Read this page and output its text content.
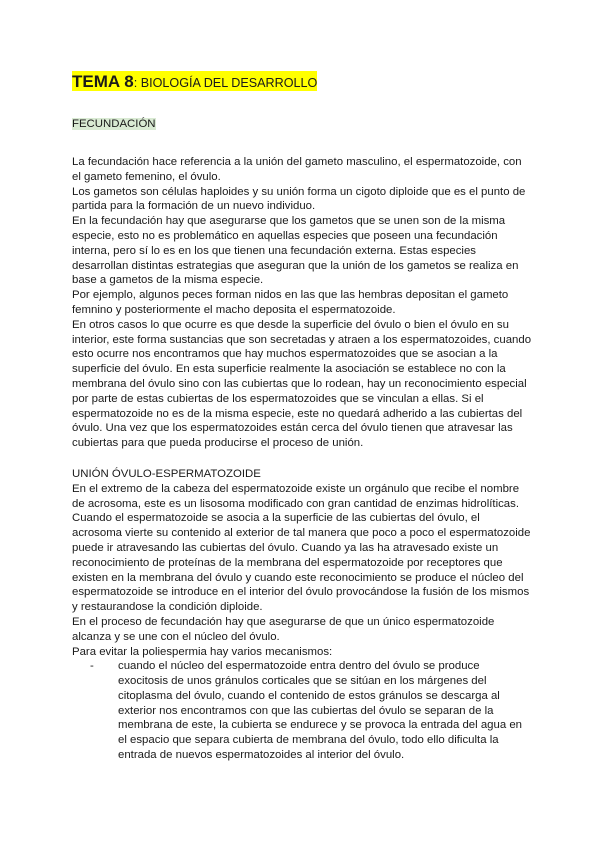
TEMA 8: BIOLOGÍA DEL DESARROLLO
FECUNDACIÓN

La fecundación hace referencia a la unión del gameto masculino, el espermatozoide, con el gameto femenino, el óvulo.

Los gametos son células haploides y su unión forma un cigoto diploide que es el punto de partida para la formación de un nuevo individuo.

En la fecundación hay que asegurarse que los gametos que se unen son de la misma especie, esto no es problemático en aquellas especies que poseen una fecundación interna, pero sí lo es en los que tienen una fecundación externa. Estas especies desarrollan distintas estrategias que aseguran que la unión de los gametos se realiza en base a gametos de la misma especie.

Por ejemplo, algunos peces forman nidos en las que las hembras depositan el gameto femnino y posteriormente el macho deposita el espermatozoide.

En otros casos lo que ocurre es que desde la superficie del óvulo o bien el óvulo en su interior, este forma sustancias que son secretadas y atraen a los espermatozoides, cuando esto ocurre nos encontramos que hay muchos espermatozoides que se asocian a la superficie del óvulo. En esta superficie realmente la asociación se establece no con la membrana del óvulo sino con las cubiertas que lo rodean, hay un reconocimiento especial por parte de estas cubiertas de los espermatozoides que se vinculan a ellas. Si el espermatozoide no es de la misma especie, este no quedará adherido a las cubiertas del óvulo. Una vez que los espermatozoides están cerca del óvulo tienen que atravesar las cubiertas para que pueda producirse el proceso de unión.

UNIÓN ÓVULO-ESPERMATOZOIDE

En el extremo de la cabeza del espermatozoide existe un orgánulo que recibe el nombre de acrosoma, este es un lisosoma modificado con gran cantidad de enzimas hidrolíticas.

Cuando el espermatozoide se asocia a la superficie de las cubiertas del óvulo, el acrosoma vierte su contenido al exterior de tal manera que poco a poco el espermatozoide puede ir atravesando las cubiertas del óvulo. Cuando ya las ha atravesado existe un reconocimiento de proteínas de la membrana del espermatozoide por receptores que existen en la membrana del óvulo y cuando este reconocimiento se produce el núcleo del espermatozoide se introduce en el interior del óvulo provocándose la fusión de los mismos y restaurandose la condición diploide.

En el proceso de fecundación hay que asegurarse de que un único espermatozoide alcanza y se une con el núcleo del óvulo.

Para evitar la poliespermia hay varios mecanismos:

- cuando el núcleo del espermatozoide entra dentro del óvulo se produce exocitosis de unos gránulos corticales que se sitúan en los márgenes del citoplasma del óvulo, cuando el contenido de estos gránulos se descarga al exterior nos encontramos con que las cubiertas del óvulo se separan de la membrana de este, la cubierta se endurece y se provoca la entrada del agua en el espacio que separa cubierta de membrana del óvulo, todo ello dificulta la entrada de nuevos espermatozoides al interior del óvulo.
